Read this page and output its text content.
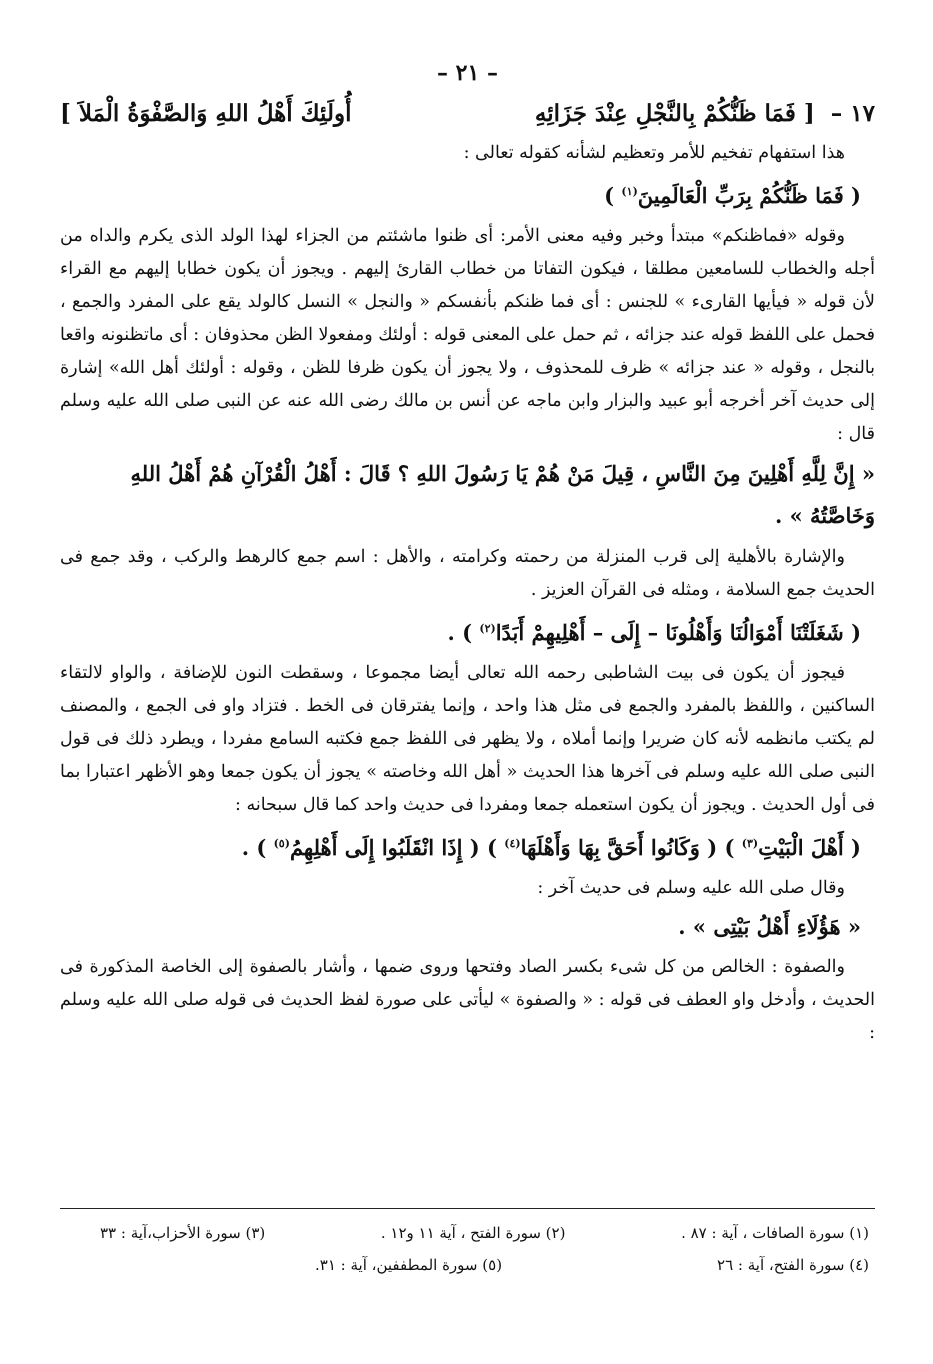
– ٢١ –
١٧ – [ فَمَا ظَنُّكُمْ بِالنَّجْلِ عِنْدَ جَزَائِهِ
أُولَئِكَ أَهْلُ اللهِ وَالصَّفْوَةُ الْمَلاَ ]

هذا استفهام تفخيم للأمر وتعظيم لشأنه كقوله تعالى :

( فَمَا ظَنُّكُمْ بِرَبِّ الْعَالَمِينَ$^{(١)}$ )

وقوله «فماظنكم» مبتدأ وخبر وفيه معنى الأمر: أى ظنوا ماشئتم من الجزاء لهذا الولد الذى يكرم والداه من أجله والخطاب للسامعين مطلقا ، فيكون التفاتا من خطاب القارئ إليهم . ويجوز أن يكون خطابا إليهم مع القراء لأن قوله « فيأيها القارىء » للجنس : أى فما ظنكم بأنفسكم « والنجل » النسل كالولد يقع على المفرد والجمع ، فحمل على اللفظ قوله عند جزائه ، ثم حمل على المعنى قوله : أولئك ومفعولا الظن محذوفان : أى ماتظنونه واقعا بالنجل ، وقوله « عند جزائه » ظرف للمحذوف ، ولا يجوز أن يكون ظرفا للظن ، وقوله : أولئك أهل الله» إشارة إلى حديث آخر أخرجه أبو عبيد والبزار وابن ماجه عن أنس بن مالك رضى الله عنه عن النبى صلى الله عليه وسلم قال :

« إِنَّ لِلَّهِ أَهْلِينَ مِنَ النَّاسِ ، قِيلَ مَنْ هُمْ يَا رَسُولَ اللهِ ؟ قَالَ : أَهْلُ الْقُرْآنِ هُمْ أَهْلُ اللهِ وَخَاصَّتُهُ » .

والإشارة بالأهلية إلى قرب المنزلة من رحمته وكرامته ، والأهل : اسم جمع كالرهط والركب ، وقد جمع فى الحديث جمع السلامة ، ومثله فى القرآن العزيز .

( شَغَلَتْنَا أَمْوَالُنَا وَأَهْلُونَا – إِلَى – أَهْلِيهِمْ أَبَدًا$^{(٢)}$ ) .

فيجوز أن يكون فى بيت الشاطبى رحمه الله تعالى أيضا مجموعا ، وسقطت النون للإضافة ، والواو لالتقاء الساكنين ، واللفظ بالمفرد والجمع فى مثل هذا واحد ، وإنما يفترقان فى الخط . فتزاد واو فى الجمع ، والمصنف لم يكتب مانظمه لأنه كان ضريرا وإنما أملاه ، ولا يظهر فى اللفظ جمع فكتبه السامع مفردا ، ويطرد ذلك فى قول النبى صلى الله عليه وسلم فى آخرها هذا الحديث « أهل الله وخاصته » يجوز أن يكون جمعا وهو الأظهر اعتبارا بما فى أول الحديث . ويجوز أن يكون استعمله جمعا ومفردا فى حديث واحد كما قال سبحانه :

( أَهْلَ الْبَيْتِ$^{(٣)}$ ) ( وَكَانُوا أَحَقَّ بِهَا وَأَهْلَهَا$^{(٤)}$ ) ( إِذَا انْقَلَبُوا إِلَى أَهْلِهِمُ$^{(٥)}$ ) .

وقال صلى الله عليه وسلم فى حديث آخر :

« هَؤُلَاءِ أَهْلُ بَيْتِى » .

والصفوة : الخالص من كل شىء بكسر الصاد وفتحها وروى ضمها ، وأشار بالصفوة إلى الخاصة المذكورة فى الحديث ، وأدخل واو العطف فى قوله : « والصفوة » ليأتى على صورة لفظ الحديث فى قوله صلى الله عليه وسلم :

(١) سورة الصافات ، آية : ٨٧ .
(٢) سورة الفتح ، آية ١١ و١٢ .
(٣) سورة الأحزاب،آية : ٣٣
(٤) سورة الفتح، آية : ٢٦
(٥) سورة المطففين، آية : ٣١.
